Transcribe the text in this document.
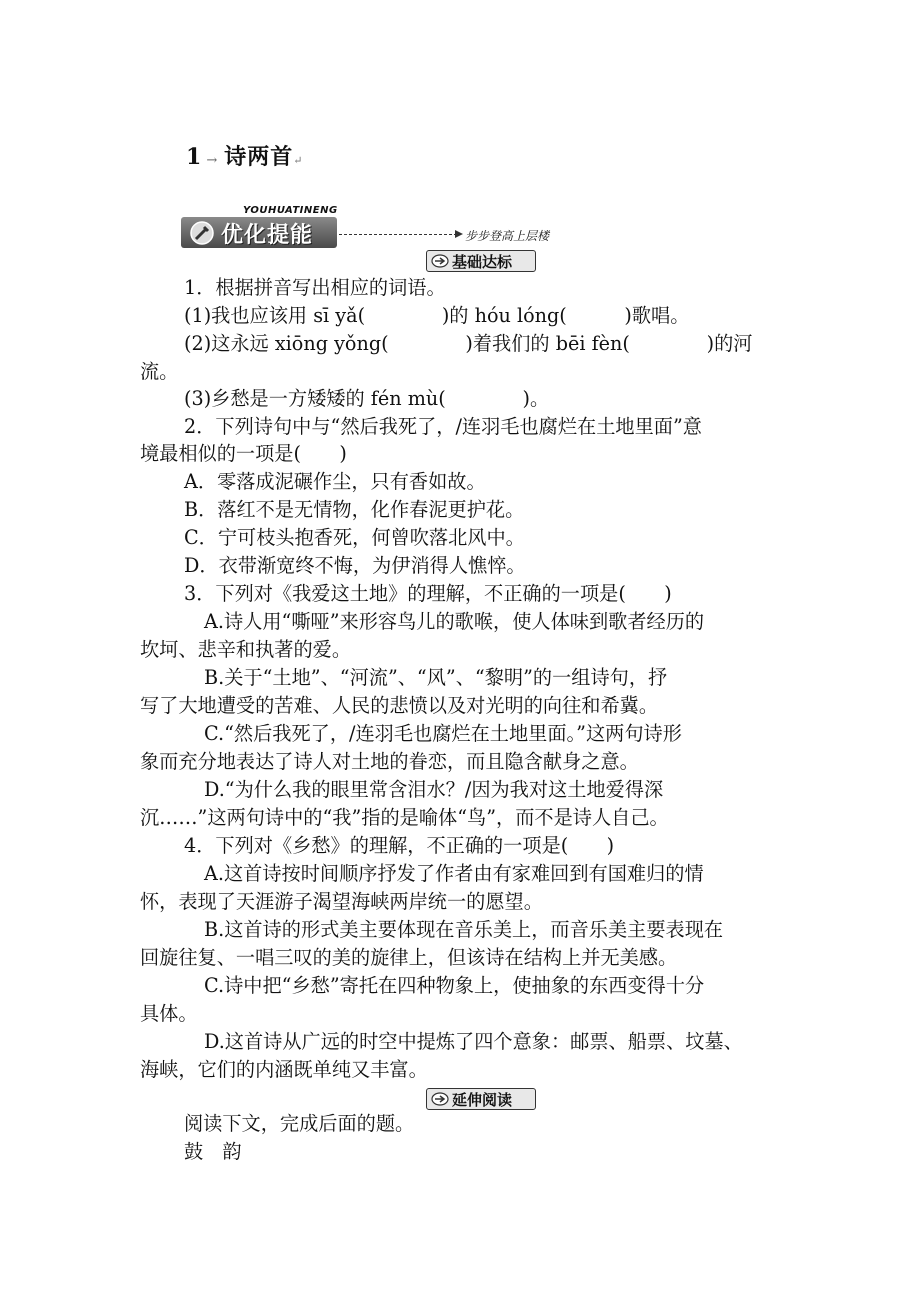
1 → 诗两首↵
YOUHUATINENG
优化提能	步步登高上层楼
基础达标
1．根据拼音写出相应的词语。
(1)我也应该用 sī yǎ(　　　　)的 hóu lóng(　　　)歌唱。
(2)这永远 xiōng yǒng(　　　　)着我们的 bēi fèn(　　　　)的河
流。
(3)乡愁是一方矮矮的 fén mù(　　　　)。
2．下列诗句中与“然后我死了，/连羽毛也腐烂在土地里面”意
境最相似的一项是(　　)
A．零落成泥碾作尘，只有香如故。
B．落红不是无情物，化作春泥更护花。
C．宁可枝头抱香死，何曾吹落北风中。
D．衣带渐宽终不悔，为伊消得人憔悴。
3．下列对《我爱这土地》的理解，不正确的一项是(　　)
A.诗人用“嘶哑”来形容鸟儿的歌喉，使人体味到歌者经历的
坎坷、悲辛和执著的爱。
B.关于“土地”、“河流”、“风”、“黎明”的一组诗句，抒
写了大地遭受的苦难、人民的悲愤以及对光明的向往和希冀。
C.“然后我死了，/连羽毛也腐烂在土地里面。”这两句诗形
象而充分地表达了诗人对土地的眷恋，而且隐含献身之意。
D.“为什么我的眼里常含泪水？/因为我对这土地爱得深
沉……”这两句诗中的“我”指的是喻体“鸟”，而不是诗人自己。
4．下列对《乡愁》的理解，不正确的一项是(　　)
A.这首诗按时间顺序抒发了作者由有家难回到有国难归的情
怀，表现了天涯游子渴望海峡两岸统一的愿望。
B.这首诗的形式美主要体现在音乐美上，而音乐美主要表现在
回旋往复、一唱三叹的美的旋律上，但该诗在结构上并无美感。
C.诗中把“乡愁”寄托在四种物象上，使抽象的东西变得十分
具体。
D.这首诗从广远的时空中提炼了四个意象：邮票、船票、坟墓、
海峡，它们的内涵既单纯又丰富。
延伸阅读
阅读下文，完成后面的题。
鼓　韵
